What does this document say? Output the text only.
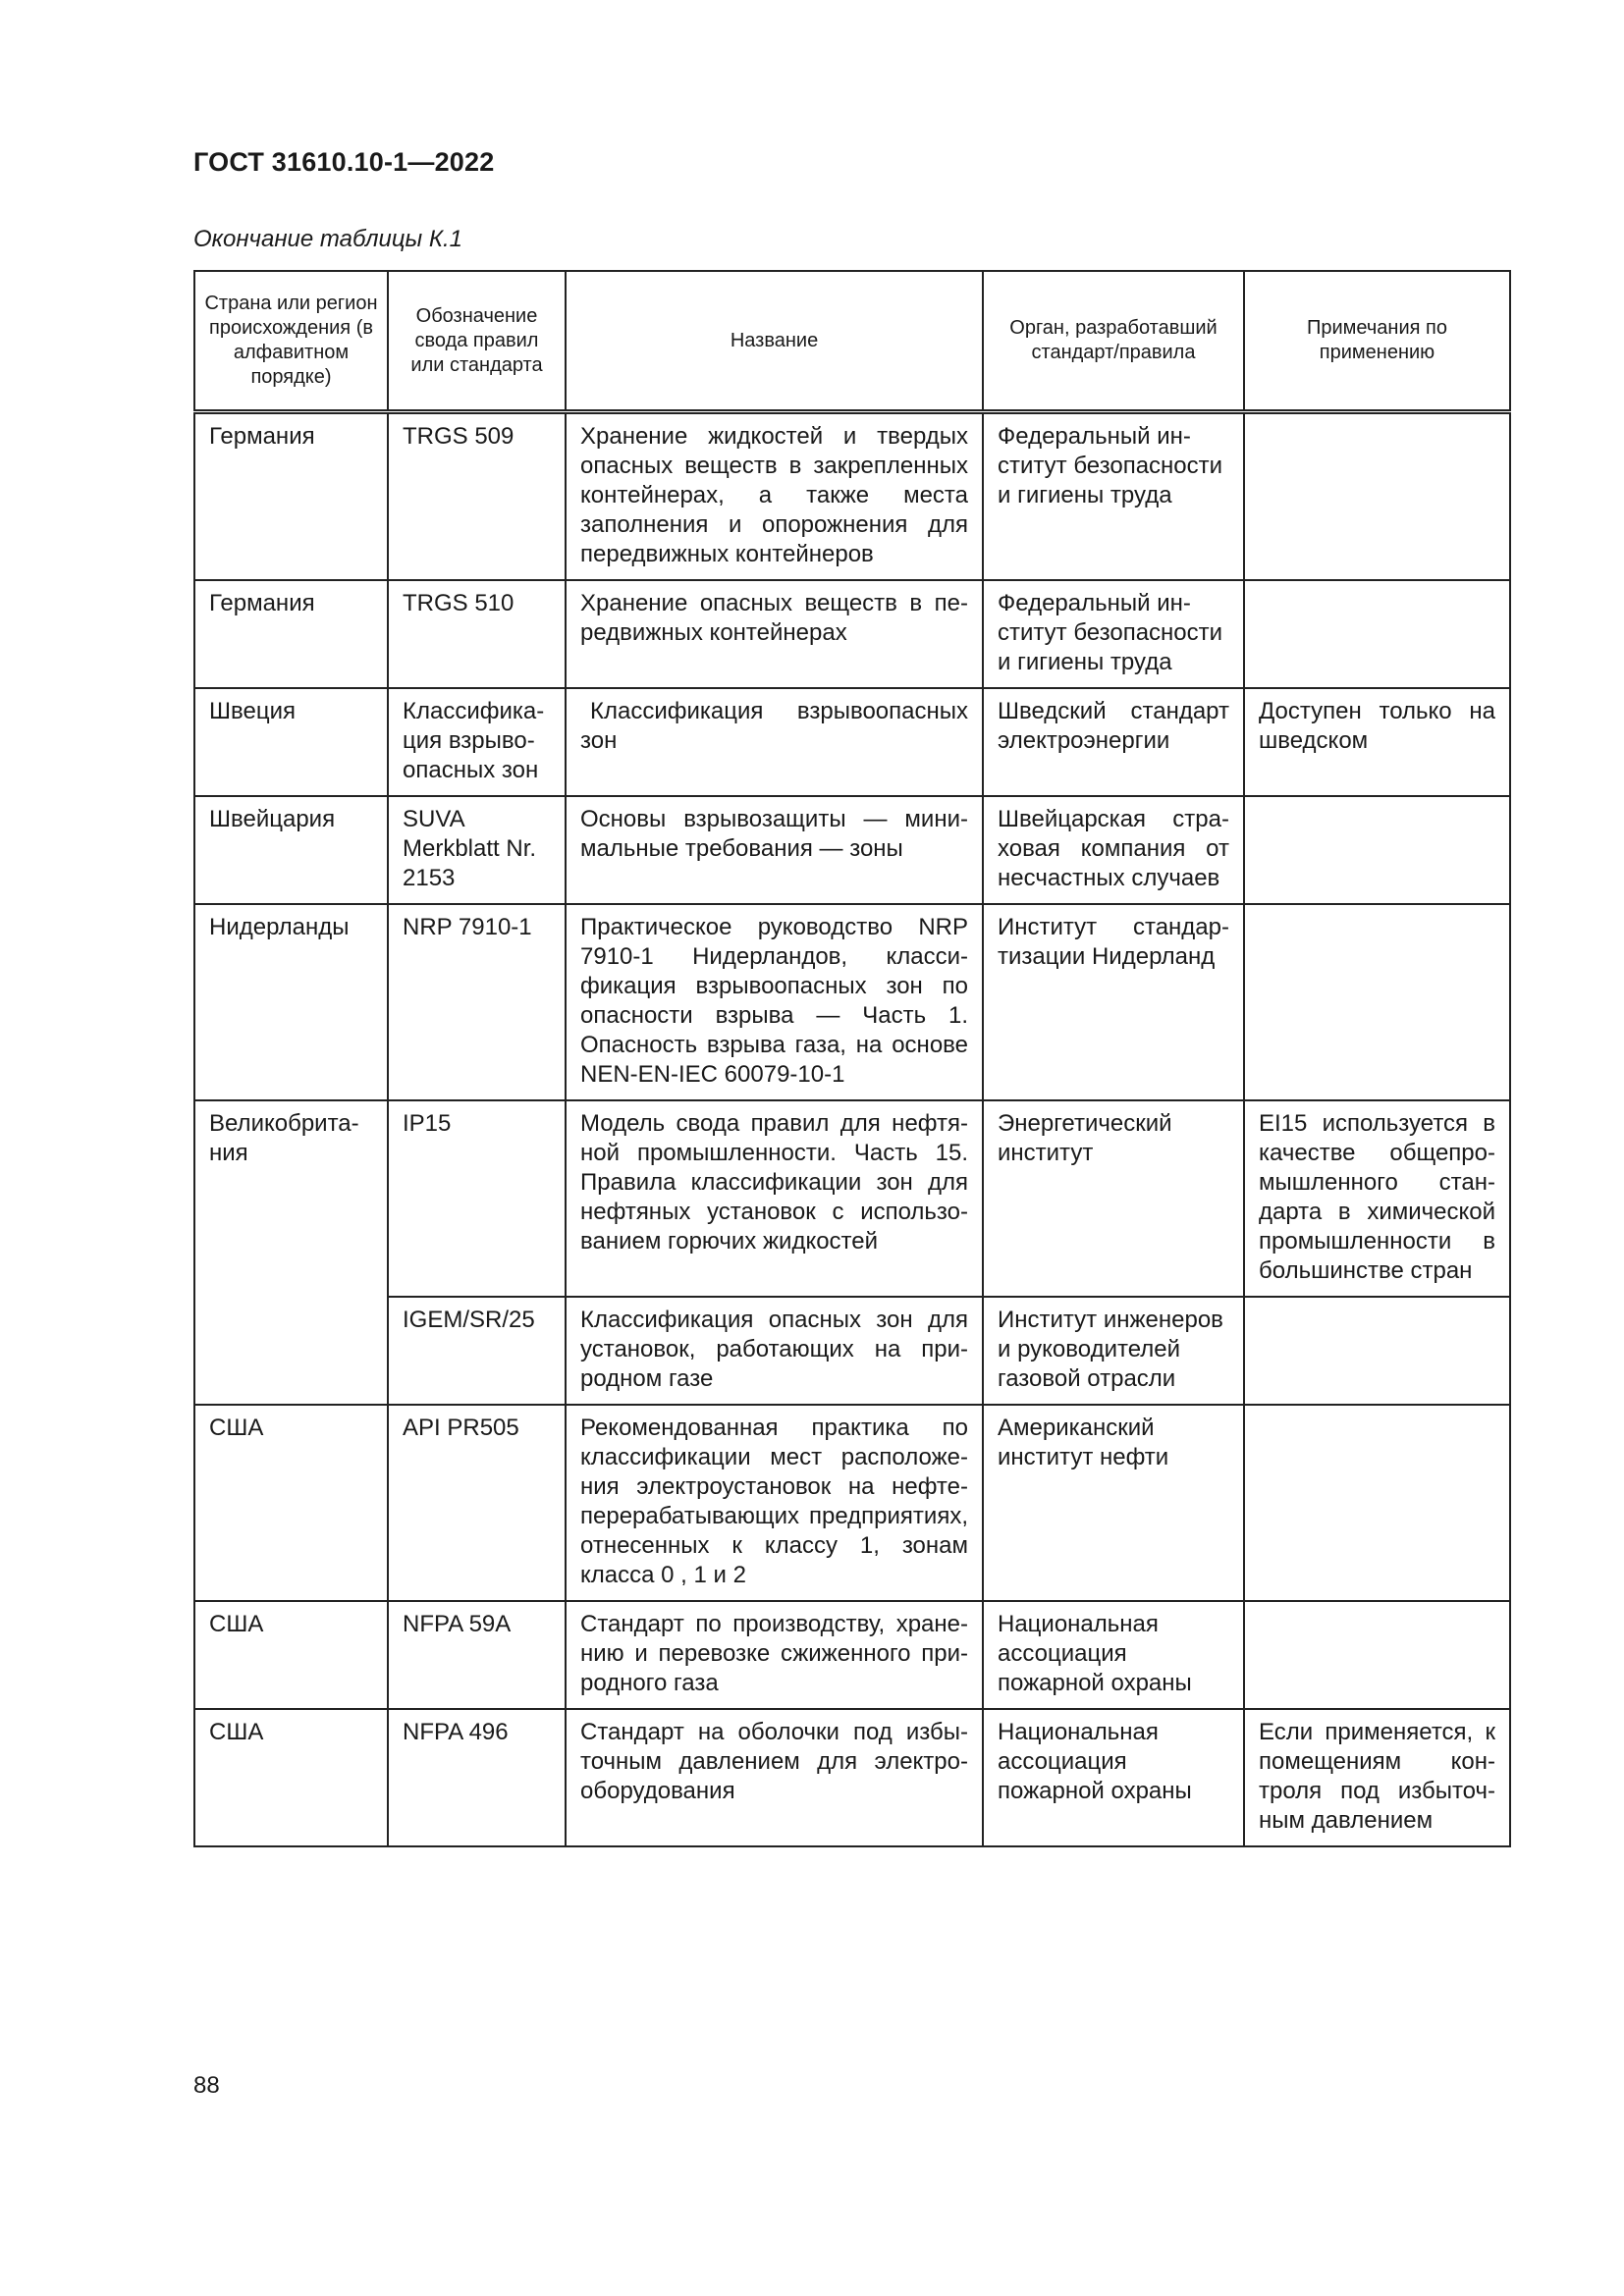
ГОСТ 31610.10-1—2022
Окончание таблицы К.1
Страна или регион происхождения (в алфавитном порядке)	Обозначение свода правил или стандарта	Название	Орган, разработавший стандарт/правила	Примечания по применению
Германия	TRGS 509	Хранение жидкостей и твердых опасных веществ в закрепленных контейнерах, а также места заполнения и опорожнения для передвижных контейнеров	Федеральный институт безопасности и гигиены труда	
Германия	TRGS 510	Хранение опасных веществ в передвижных контейнерах	Федеральный институт безопасности и гигиены труда	
Швеция	Классификация взрывоопасных зон	Классификация взрывоопасных зон	Шведский стандарт электроэнергии	Доступен только на шведском
Швейцария	SUVA Merkblatt Nr. 2153	Основы взрывозащиты — минимальные требования — зоны	Швейцарская страховая компания от несчастных случаев	
Нидерланды	NRP 7910-1	Практическое руководство NRP 7910-1 Нидерландов, классификация взрывоопасных зон по опасности взрыва — Часть 1. Опасность взрыва газа, на основе NEN-EN-IEC 60079-10-1	Институт стандартизации Нидерланд	
Великобритания	IP15	Модель свода правил для нефтяной промышленности. Часть 15. Правила классификации зон для нефтяных установок с использованием горючих жидкостей	Энергетический институт	EI15 используется в качестве общепромышленного стандарта в химической промышленности в большинстве стран
	IGEM/SR/25	Классификация опасных зон для установок, работающих на природном газе	Институт инженеров и руководителей газовой отрасли	
США	API PR505	Рекомендованная практика по классификации мест расположения электроустановок на нефтеперерабатывающих предприятиях, отнесенных к классу 1, зонам класса 0 , 1 и 2	Американский институт нефти	
США	NFPA 59A	Стандарт по производству, хранению и перевозке сжиженного природного газа	Национальная ассоциация пожарной охраны	
США	NFPA 496	Стандарт на оболочки под избыточным давлением для электрооборудования	Национальная ассоциация пожарной охраны	Если применяется, к помещениям контроля под избыточным давлением
88
